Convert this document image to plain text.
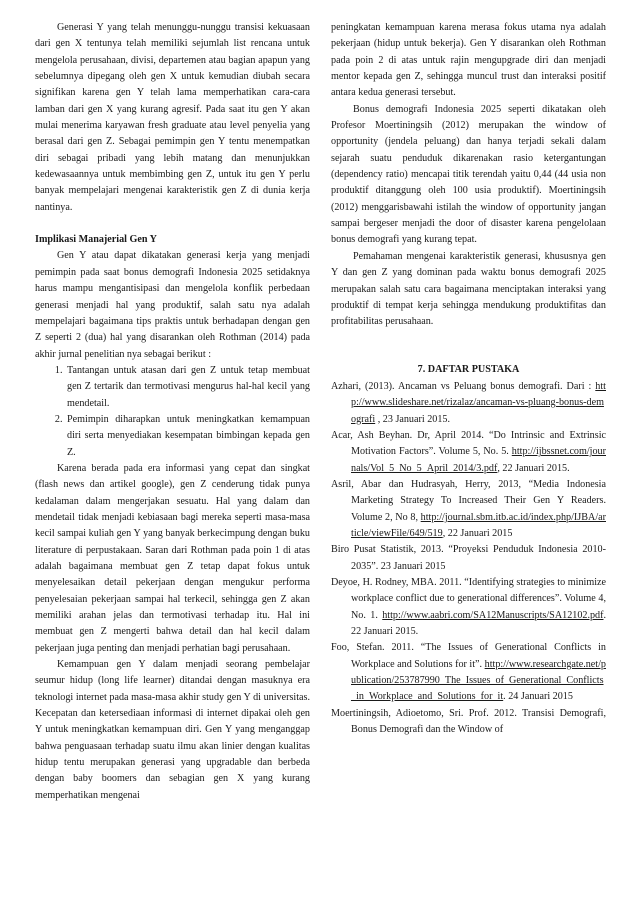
Generasi Y yang telah menunggu-nunggu transisi kekuasaan dari gen X tentunya telah memiliki sejumlah list rencana untuk mengelola perusahaan, divisi, departemen atau bagian apapun yang sebelumnya dipegang oleh gen X untuk kemudian diubah secara signifikan karena gen Y telah lama memperhatikan cara-cara lamban dari gen X yang kurang agresif. Pada saat itu gen Y akan mulai menerima karyawan fresh graduate atau level penyelia yang berasal dari gen Z. Sebagai pemimpin gen Y tentu menempatkan diri sebagai pribadi yang lebih matang dan menunjukkan kedewasaannya untuk membimbing gen Z, untuk itu gen Y perlu banyak mempelajari mengenai karakteristik gen Z di dunia kerja nantinya.

Implikasi Manajerial Gen Y

Gen Y atau dapat dikatakan generasi kerja yang menjadi pemimpin pada saat bonus demografi Indonesia 2025 setidaknya harus mampu mengantisipasi dan mengelola konflik perbedaan generasi menjadi hal yang produktif, salah satu nya adalah mempelajari bagaimana tips praktis untuk berhadapan dengan gen Z seperti 2 (dua) hal yang disarankan oleh Rothman (2014) pada akhir jurnal penelitian nya sebagai berikut :

1. Tantangan untuk atasan dari gen Z untuk tetap membuat gen Z tertarik dan termotivasi mengurus hal-hal kecil yang mendetail.
2. Pemimpin diharapkan untuk meningkatkan kemampuan diri serta menyediakan kesempatan bimbingan kepada gen Z.

Karena berada pada era informasi yang cepat dan singkat (flash news dan artikel google), gen Z cenderung tidak punya kedalaman dalam mengerjakan sesuatu. Hal yang dalam dan mendetail tidak menjadi kebiasaan bagi mereka seperti masa-masa kecil sampai kuliah gen Y yang banyak berkecimpung dengan buku literature di perpustakaan. Saran dari Rothman pada poin 1 di atas adalah bagaimana membuat gen Z tetap dapat fokus untuk menyelesaikan detail pekerjaan dengan mengukur performa penyelesaian pekerjaan sampai hal terkecil, sehingga gen Z akan memiliki arahan jelas dan termotivasi terhadap itu. Hal ini membuat gen Z mengerti bahwa detail dan hal kecil dalam pekerjaan juga penting dan menjadi perhatian bagi perusahaan.

Kemampuan gen Y dalam menjadi seorang pembelajar seumur hidup (long life learner) ditandai dengan masuknya era teknologi internet pada masa-masa akhir study gen Y di universitas. Kecepatan dan ketersediaan informasi di internet dipakai oleh gen Y untuk meningkatkan kemampuan diri. Gen Y yang menganggap bahwa penguasaan terhadap suatu ilmu akan linier dengan kualitas hidup tentu merupakan generasi yang upgradable dan berbeda dengan baby boomers dan sebagian gen X yang kurang memperhatikan mengenai

peningkatan kemampuan karena merasa fokus utama nya adalah pekerjaan (hidup untuk bekerja). Gen Y disarankan oleh Rothman pada poin 2 di atas untuk rajin mengupgrade diri dan menjadi mentor kepada gen Z, sehingga muncul trust dan interaksi positif antara kedua generasi tersebut.

Bonus demografi Indonesia 2025 seperti dikatakan oleh Profesor Moertiningsih (2012) merupakan the window of opportunity (jendela peluang) dan hanya terjadi sekali dalam sejarah suatu penduduk dikarenakan rasio ketergantungan (dependency ratio) mencapai titik terendah yaitu 0,44 (44 usia non produktif ditanggung oleh 100 usia produktif). Moertiningsih (2012) menggarisbawahi istilah the window of opportunity jangan sampai bergeser menjadi the door of disaster karena pengelolaan bonus demografi yang kurang tepat.

Pemahaman mengenai karakteristik generasi, khususnya gen Y dan gen Z yang dominan pada waktu bonus demografi 2025 merupakan salah satu cara bagaimana menciptakan interaksi yang produktif di tempat kerja sehingga mendukung produktifitas dan profitabilitas perusahaan.

7. DAFTAR PUSTAKA

Azhari, (2013). Ancaman vs Peluang bonus demografi. Dari : http://www.slideshare.net/rizalaz/ancaman-vs-pluang-bonus-demografi , 23 Januari 2015.

Acar, Ash Beyhan. Dr, April 2014. “Do Intrinsic and Extrinsic Motivation Factors”. Volume 5, No. 5. http://ijbssnet.com/journals/Vol_5_No_5_April_2014/3.pdf, 22 Januari 2015.

Asril, Abar dan Hudrasyah, Herry, 2013, “Media Indonesia Marketing Strategy To Increased Their Gen Y Readers. Volume 2, No 8, http://journal.sbm.itb.ac.id/index.php/IJBA/article/viewFile/649/519, 22 Januari 2015

Biro Pusat Statistik, 2013. “Proyeksi Penduduk Indonesia 2010-2035”. 23 Januari 2015

Deyoe, H. Rodney, MBA. 2011. “Identifying strategies to minimize workplace conflict due to generational differences”. Volume 4, No. 1. http://www.aabri.com/SA12Manuscripts/SA12102.pdf. 22 Januari 2015.

Foo, Stefan. 2011. “The Issues of Generational Conflicts in Workplace and Solutions for it”. http://www.researchgate.net/publication/253787990_The_Issues_of_Generational_Conflicts_in_Workplace_and_Solutions_for_it. 24 Januari 2015

Moertiningsih, Adioetomo, Sri. Prof. 2012. Transisi Demografi, Bonus Demografi dan the Window of
